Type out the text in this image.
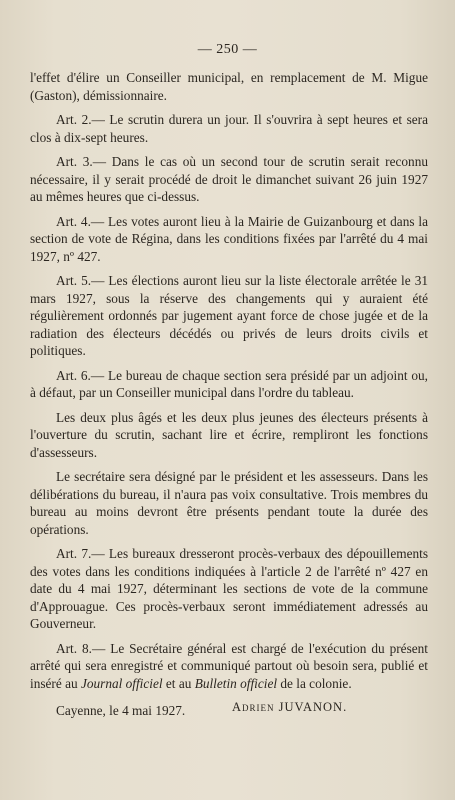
— 250 —

l'effet d'élire un Conseiller municipal, en remplacement de M. Migue (Gaston), démissionnaire.

Art. 2.— Le scrutin durera un jour. Il s'ouvrira à sept heures et sera clos à dix-sept heures.

Art. 3.— Dans le cas où un second tour de scrutin serait reconnu nécessaire, il y serait procédé de droit le dimanchet suivant 26 juin 1927 au mêmes heures que ci-dessus.

Art. 4.— Les votes auront lieu à la Mairie de Guizanbourg et dans la section de vote de Régina, dans les conditions fixées par l'arrêté du 4 mai 1927, nº 427.

Art. 5.— Les élections auront lieu sur la liste électorale arrêtée le 31 mars 1927, sous la réserve des changements qui y auraient été régulièrement ordonnés par jugement ayant force de chose jugée et de la radiation des électeurs décédés ou privés de leurs droits civils et politiques.

Art. 6.— Le bureau de chaque section sera présidé par un adjoint ou, à défaut, par un Conseiller municipal dans l'ordre du tableau.

Les deux plus âgés et les deux plus jeunes des électeurs présents à l'ouverture du scrutin, sachant lire et écrire, rempliront les fonctions d'assesseurs.

Le secrétaire sera désigné par le président et les assesseurs. Dans les délibérations du bureau, il n'aura pas voix consultative. Trois membres du bureau au moins devront être présents pendant toute la durée des opérations.

Art. 7.— Les bureaux dresseront procès-verbaux des dépouillements des votes dans les conditions indiquées à l'article 2 de l'arrêté nº 427 en date du 4 mai 1927, déterminant les sections de vote de la commune d'Approuague. Ces procès-verbaux seront immédiatement adressés au Gouverneur.

Art. 8.— Le Secrétaire général est chargé de l'exécution du présent arrêté qui sera enregistré et communiqué partout où besoin sera, publié et inséré au Journal officiel et au Bulletin officiel de la colonie.

Cayenne, le 4 mai 1927.	Adrien JUVANON.
